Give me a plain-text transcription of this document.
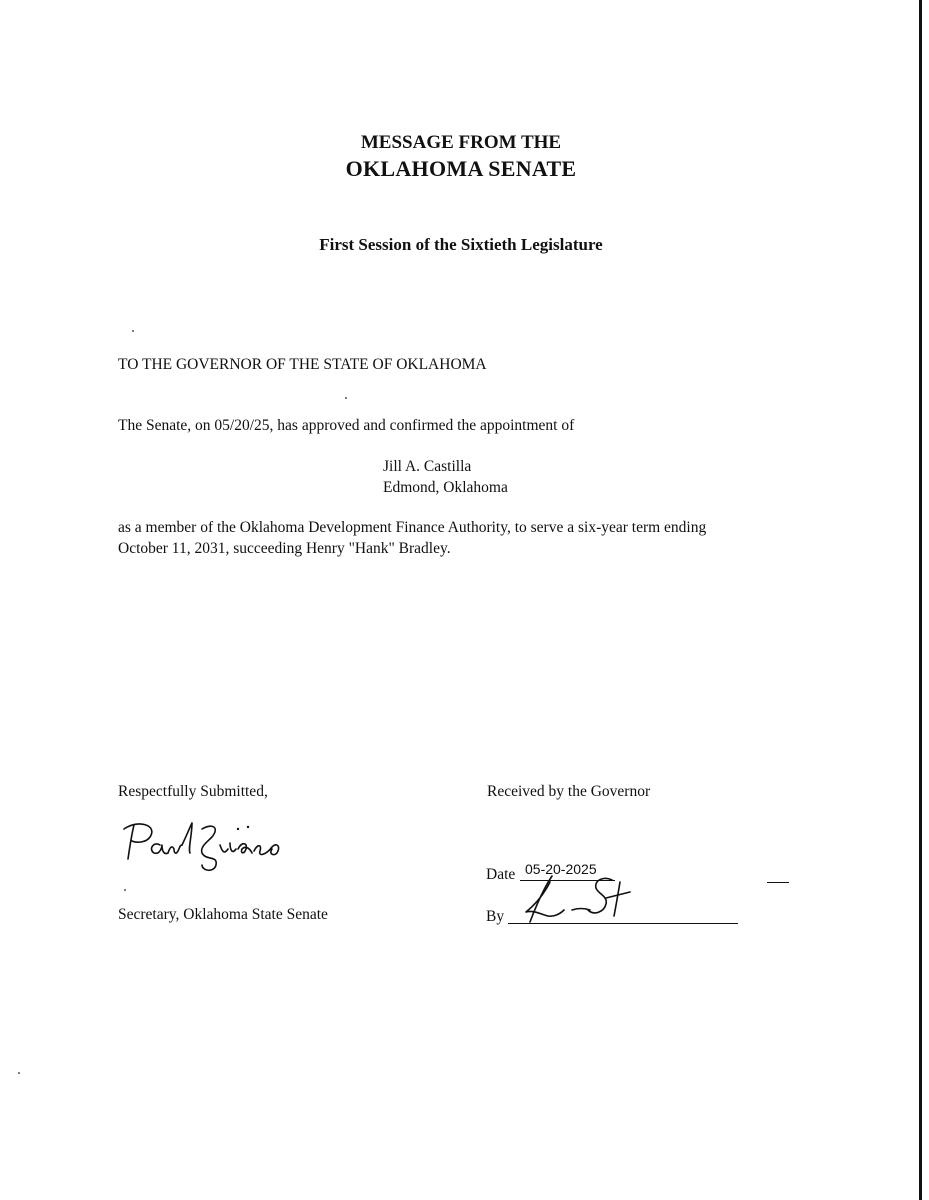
MESSAGE FROM THE
OKLAHOMA SENATE
First Session of the Sixtieth Legislature
TO THE GOVERNOR OF THE STATE OF OKLAHOMA
The Senate, on 05/20/25, has approved and confirmed the appointment of
Jill A. Castilla
Edmond, Oklahoma
as a member of the Oklahoma Development Finance Authority, to serve a six-year term ending
October 11, 2031, succeeding Henry "Hank" Bradley.
Respectfully Submitted,
Secretary, Oklahoma State Senate
Received by the Governor
Date 05-20-2025
By
